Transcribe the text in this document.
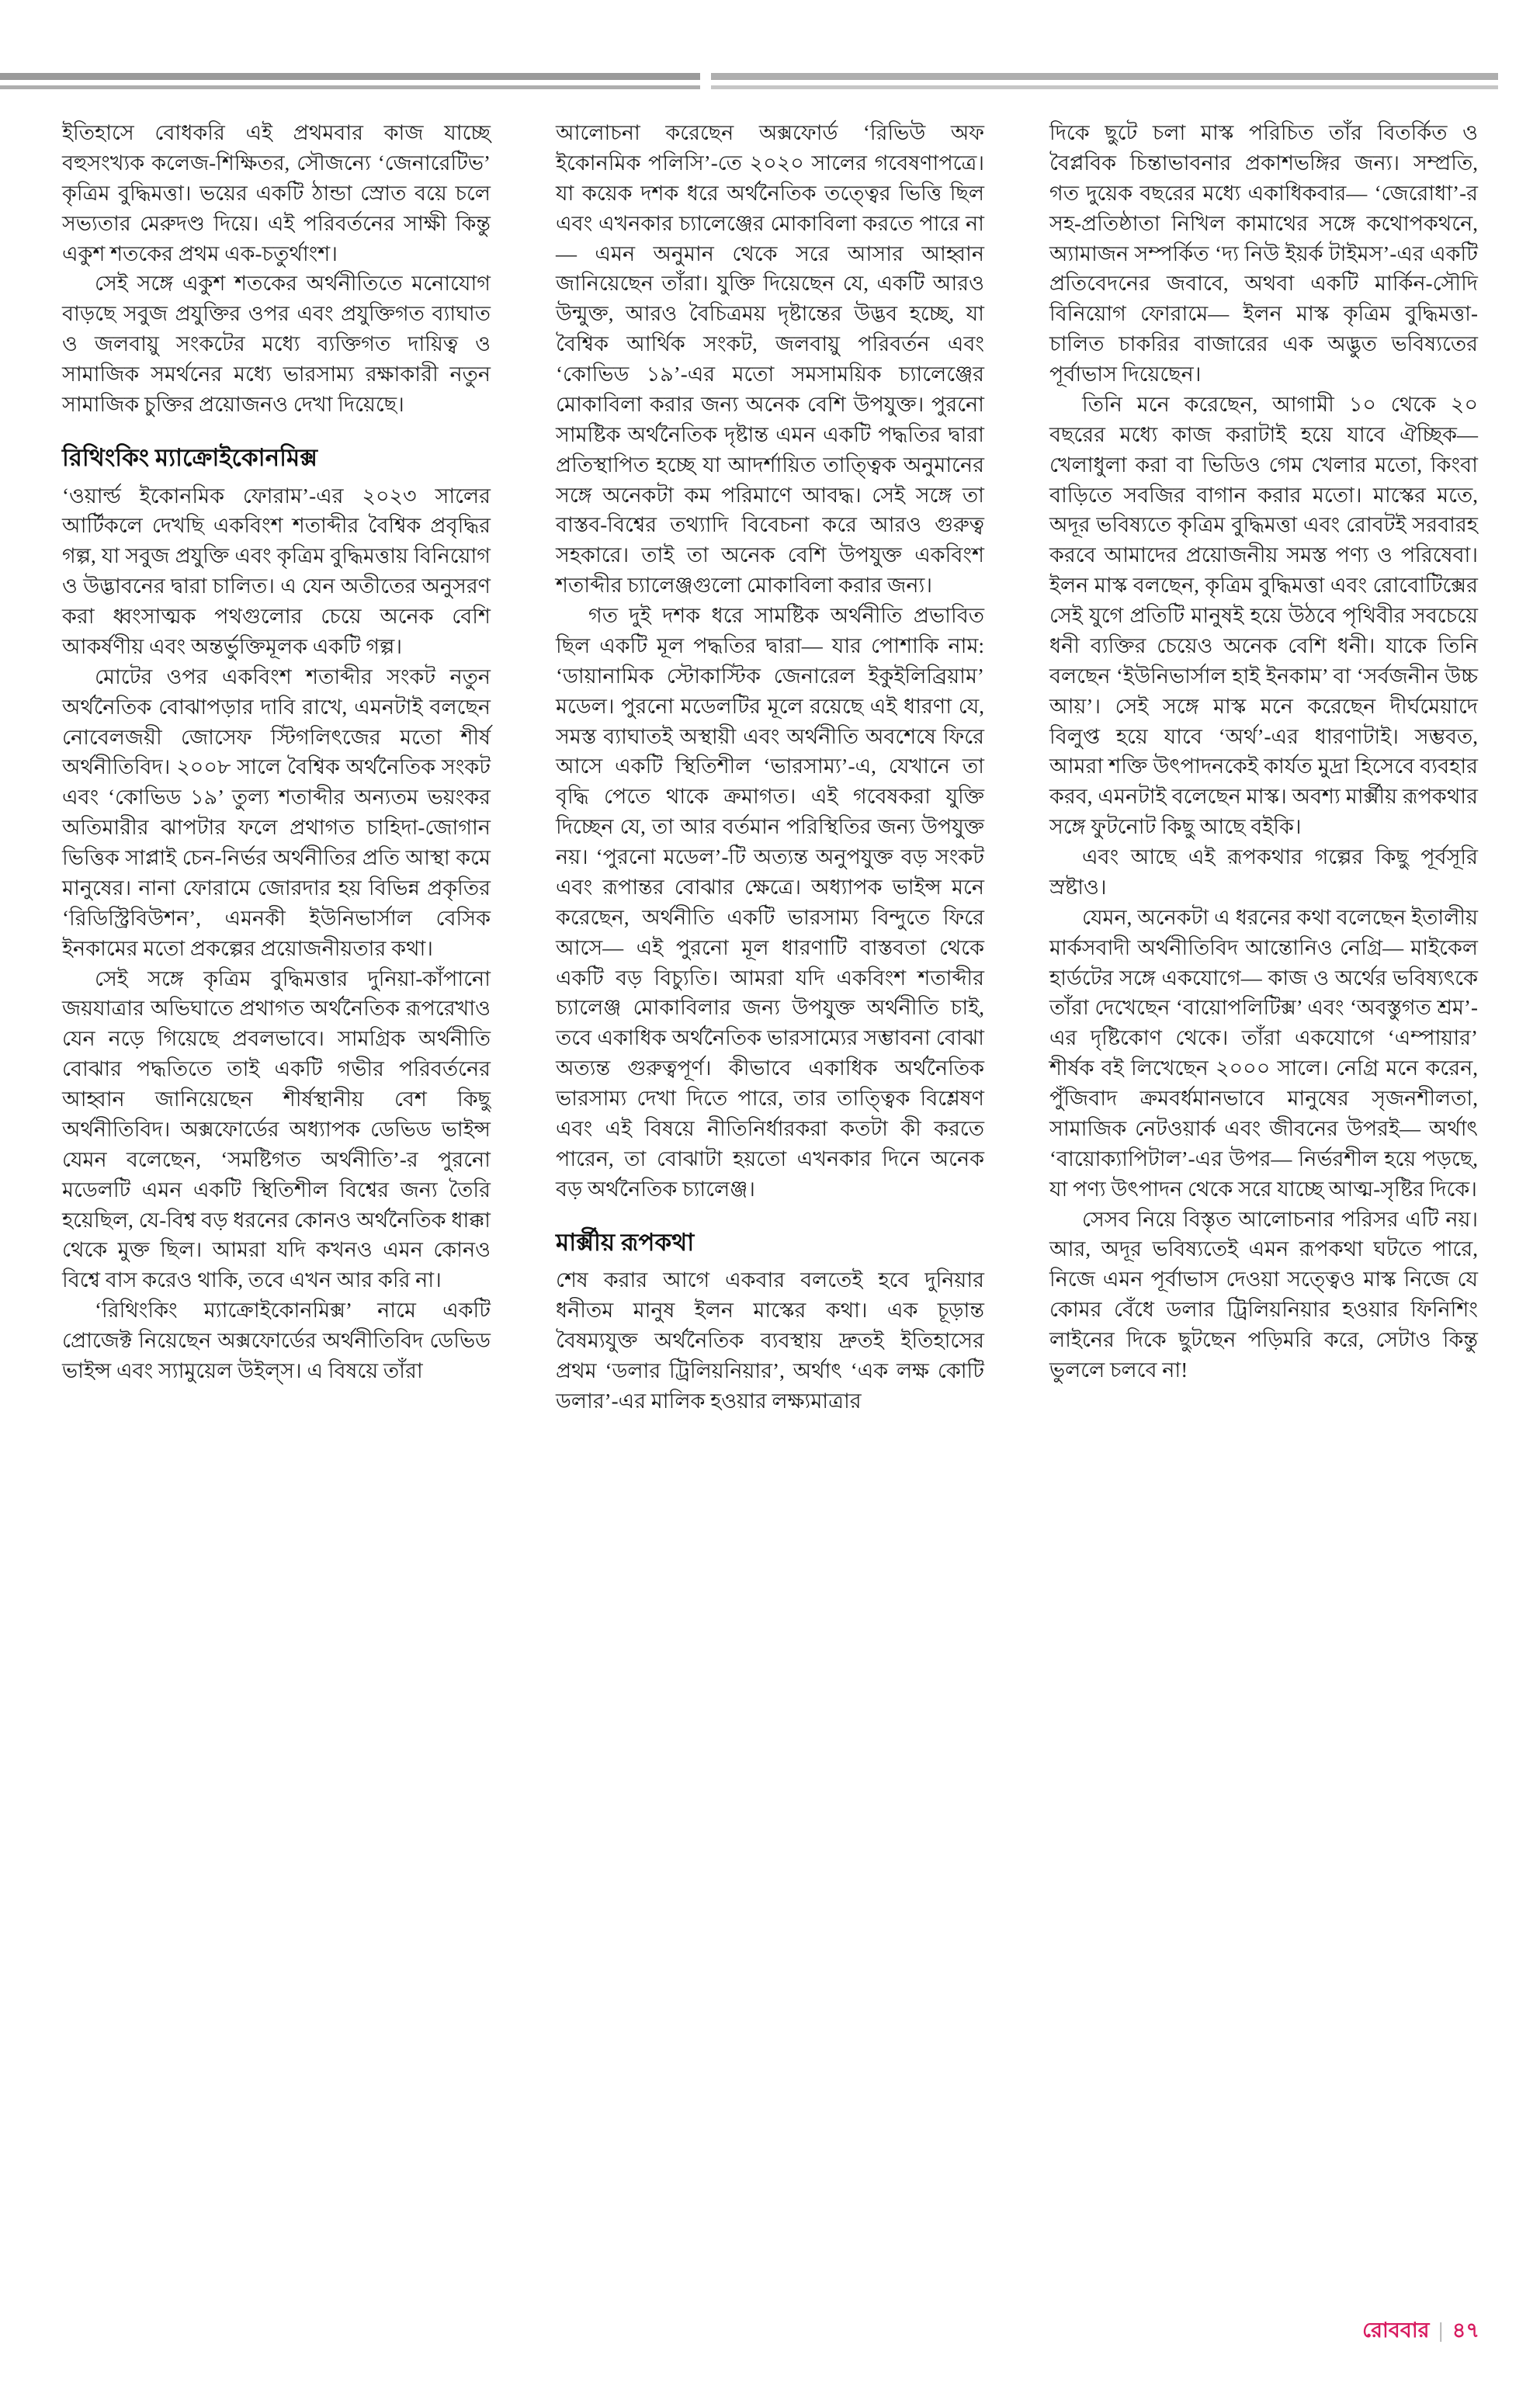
ইতিহাসে বোধকরি এই প্রথমবার কাজ যাচ্ছে বহুসংখ্যক কলেজ-শিক্ষিতর, সৌজন্যে ‘জেনারেটিভ’ কৃত্রিম বুদ্ধিমত্তা। ভয়ের একটি ঠান্ডা স্রোত বয়ে চলে সভ্যতার মেরুদণ্ড দিয়ে। এই পরিবর্তনের সাক্ষী কিন্তু একুশ শতকের প্রথম এক-চতুর্থাংশ।

সেই সঙ্গে একুশ শতকের অর্থনীতিতে মনোযোগ বাড়ছে সবুজ প্রযুক্তির ওপর এবং প্রযুক্তিগত ব্যাঘাত ও জলবায়ু সংকটের মধ্যে ব্যক্তিগত দায়িত্ব ও সামাজিক সমর্থনের মধ্যে ভারসাম্য রক্ষাকারী নতুন সামাজিক চুক্তির প্রয়োজনও দেখা দিয়েছে।

রিথিংকিং ম্যাক্রোইকোনমিক্স

‘ওয়ার্ল্ড ইকোনমিক ফোরাম’-এর ২০২৩ সালের আর্টিকলে দেখছি একবিংশ শতাব্দীর বৈশ্বিক প্রবৃদ্ধির গল্প, যা সবুজ প্রযুক্তি এবং কৃত্রিম বুদ্ধিমত্তায় বিনিয়োগ ও উদ্ভাবনের দ্বারা চালিত। এ যেন অতীতের অনুসরণ করা ধ্বংসাত্মক পথগুলোর চেয়ে অনেক বেশি আকর্ষণীয় এবং অন্তর্ভুক্তিমূলক একটি গল্প।

মোটের ওপর একবিংশ শতাব্দীর সংকট নতুন অর্থনৈতিক বোঝাপড়ার দাবি রাখে, এমনটাই বলছেন নোবেলজয়ী জোসেফ স্টিগলিৎজের মতো শীর্ষ অর্থনীতিবিদ। ২০০৮ সালে বৈশ্বিক অর্থনৈতিক সংকট এবং ‘কোভিড ১৯’ তুল্য শতাব্দীর অন্যতম ভয়ংকর অতিমারীর ঝাপটার ফলে প্রথাগত চাহিদা-জোগান ভিত্তিক সাপ্লাই চেন-নির্ভর অর্থনীতির প্রতি আস্থা কমে মানুষের। নানা ফোরামে জোরদার হয় বিভিন্ন প্রকৃতির ‘রিডিস্ট্রিবিউশন’, এমনকী ইউনিভার্সাল বেসিক ইনকামের মতো প্রকল্পের প্রয়োজনীয়তার কথা।

সেই সঙ্গে কৃত্রিম বুদ্ধিমত্তার দুনিয়া-কাঁপানো জয়যাত্রার অভিঘাতে প্রথাগত অর্থনৈতিক রূপরেখাও যেন নড়ে গিয়েছে প্রবলভাবে। সামগ্রিক অর্থনীতি বোঝার পদ্ধতিতে তাই একটি গভীর পরিবর্তনের আহ্বান জানিয়েছেন শীর্ষস্থানীয় বেশ কিছু অর্থনীতিবিদ। অক্সফোর্ডের অধ্যাপক ডেভিড ভাইন্স যেমন বলেছেন, ‘সমষ্টিগত অর্থনীতি’-র পুরনো মডেলটি এমন একটি স্থিতিশীল বিশ্বের জন্য তৈরি হয়েছিল, যে-বিশ্ব বড় ধরনের কোনও অর্থনৈতিক ধাক্কা থেকে মুক্ত ছিল। আমরা যদি কখনও এমন কোনও বিশ্বে বাস করেও থাকি, তবে এখন আর করি না।

‘রিথিংকিং ম্যাক্রোইকোনমিক্স’ নামে একটি প্রোজেক্ট নিয়েছেন অক্সফোর্ডের অর্থনীতিবিদ ডেভিড ভাইন্স এবং স্যামুয়েল উইল্‌স। এ বিষয়ে তাঁরা

আলোচনা করেছেন অক্সফোর্ড ‘রিভিউ অফ ইকোনমিক পলিসি’-তে ২০২০ সালের গবেষণাপত্রে। যা কয়েক দশক ধরে অর্থনৈতিক তত্ত্বের ভিত্তি ছিল এবং এখনকার চ্যালেঞ্জের মোকাবিলা করতে পারে না— এমন অনুমান থেকে সরে আসার আহ্বান জানিয়েছেন তাঁরা। যুক্তি দিয়েছেন যে, একটি আরও উন্মুক্ত, আরও বৈচিত্রময় দৃষ্টান্তের উদ্ভব হচ্ছে, যা বৈশ্বিক আর্থিক সংকট, জলবায়ু পরিবর্তন এবং ‘কোভিড ১৯’-এর মতো সমসাময়িক চ্যালেঞ্জের মোকাবিলা করার জন্য অনেক বেশি উপযুক্ত। পুরনো সামষ্টিক অর্থনৈতিক দৃষ্টান্ত এমন একটি পদ্ধতির দ্বারা প্রতিস্থাপিত হচ্ছে যা আদর্শায়িত তাত্ত্বিক অনুমানের সঙ্গে অনেকটা কম পরিমাণে আবদ্ধ। সেই সঙ্গে তা বাস্তব-বিশ্বের তথ্যাদি বিবেচনা করে আরও গুরুত্ব সহকারে। তাই তা অনেক বেশি উপযুক্ত একবিংশ শতাব্দীর চ্যালেঞ্জগুলো মোকাবিলা করার জন্য।

গত দুই দশক ধরে সামষ্টিক অর্থনীতি প্রভাবিত ছিল একটি মূল পদ্ধতির দ্বারা— যার পোশাকি নাম: ‘ডায়ানামিক স্টোকাস্টিক জেনারেল ইকুইলিব্রিয়াম’ মডেল। পুরনো মডেলটির মূলে রয়েছে এই ধারণা যে, সমস্ত ব্যাঘাতই অস্থায়ী এবং অর্থনীতি অবশেষে ফিরে আসে একটি স্থিতিশীল ‘ভারসাম্য’-এ, যেখানে তা বৃদ্ধি পেতে থাকে ক্রমাগত। এই গবেষকরা যুক্তি দিচ্ছেন যে, তা আর বর্তমান পরিস্থিতির জন্য উপযুক্ত নয়। ‘পুরনো মডেল’-টি অত্যন্ত অনুপযুক্ত বড় সংকট এবং রূপান্তর বোঝার ক্ষেত্রে। অধ্যাপক ভাইন্স মনে করেছেন, অর্থনীতি একটি ভারসাম্য বিন্দুতে ফিরে আসে— এই পুরনো মূল ধারণাটি বাস্তবতা থেকে একটি বড় বিচ্যুতি। আমরা যদি একবিংশ শতাব্দীর চ্যালেঞ্জ মোকাবিলার জন্য উপযুক্ত অর্থনীতি চাই, তবে একাধিক অর্থনৈতিক ভারসাম্যের সম্ভাবনা বোঝা অত্যন্ত গুরুত্বপূর্ণ। কীভাবে একাধিক অর্থনৈতিক ভারসাম্য দেখা দিতে পারে, তার তাত্ত্বিক বিশ্লেষণ এবং এই বিষয়ে নীতিনির্ধারকরা কতটা কী করতে পারেন, তা বোঝাটা হয়তো এখনকার দিনে অনেক বড় অর্থনৈতিক চ্যালেঞ্জ।

মার্ক্সীয় রূপকথা

শেষ করার আগে একবার বলতেই হবে দুনিয়ার ধনীতম মানুষ ইলন মাস্কের কথা। এক চূড়ান্ত বৈষম্যযুক্ত অর্থনৈতিক ব্যবস্থায় দ্রুতই ইতিহাসের প্রথম ‘ডলার ট্রিলিয়নিয়ার’, অর্থাৎ ‘এক লক্ষ কোটি ডলার’-এর মালিক হওয়ার লক্ষ্যমাত্রার

দিকে ছুটে চলা মাস্ক পরিচিত তাঁর বিতর্কিত ও বৈপ্লবিক চিন্তাভাবনার প্রকাশভঙ্গির জন্য। সম্প্রতি, গত দুয়েক বছরের মধ্যে একাধিকবার— ‘জেরোধা’-র সহ-প্রতিষ্ঠাতা নিখিল কামাথের সঙ্গে কথোপকথনে, অ্যামাজন সম্পর্কিত ‘দ্য নিউ ইয়র্ক টাইমস’-এর একটি প্রতিবেদনের জবাবে, অথবা একটি মার্কিন-সৌদি বিনিয়োগ ফোরামে— ইলন মাস্ক কৃত্রিম বুদ্ধিমত্তা-চালিত চাকরির বাজারের এক অদ্ভুত ভবিষ্যতের পূর্বাভাস দিয়েছেন।

তিনি মনে করেছেন, আগামী ১০ থেকে ২০ বছরের মধ্যে কাজ করাটাই হয়ে যাবে ঐচ্ছিক— খেলাধুলা করা বা ভিডিও গেম খেলার মতো, কিংবা বাড়িতে সবজির বাগান করার মতো। মাস্কের মতে, অদূর ভবিষ্যতে কৃত্রিম বুদ্ধিমত্তা এবং রোবটই সরবারহ করবে আমাদের প্রয়োজনীয় সমস্ত পণ্য ও পরিষেবা। ইলন মাস্ক বলছেন, কৃত্রিম বুদ্ধিমত্তা এবং রোবোটিক্সের সেই যুগে প্রতিটি মানুষই হয়ে উঠবে পৃথিবীর সবচেয়ে ধনী ব্যক্তির চেয়েও অনেক বেশি ধনী। যাকে তিনি বলছেন ‘ইউনিভার্সাল হাই ইনকাম’ বা ‘সর্বজনীন উচ্চ আয়’। সেই সঙ্গে মাস্ক মনে করেছেন দীর্ঘমেয়াদে বিলুপ্ত হয়ে যাবে ‘অর্থ’-এর ধারণাটাই। সম্ভবত, আমরা শক্তি উৎপাদনকেই কার্যত মুদ্রা হিসেবে ব্যবহার করব, এমনটাই বলেছেন মাস্ক। অবশ্য মার্ক্সীয় রূপকথার সঙ্গে ফুটনোট কিছু আছে বইকি।

এবং আছে এই রূপকথার গল্পের কিছু পূর্বসূরি স্রষ্টাও।

যেমন, অনেকটা এ ধরনের কথা বলেছেন ইতালীয় মার্কসবাদী অর্থনীতিবিদ আন্তোনিও নেগ্রি— মাইকেল হার্ডটের সঙ্গে একযোগে— কাজ ও অর্থের ভবিষ্যৎকে তাঁরা দেখেছেন ‘বায়োপলিটিক্স’ এবং ‘অবস্তুগত শ্রম’-এর দৃষ্টিকোণ থেকে। তাঁরা একযোগে ‘এম্পায়ার’ শীর্ষক বই লিখেছেন ২০০০ সালে। নেগ্রি মনে করেন, পুঁজিবাদ ক্রমবর্ধমানভাবে মানুষের সৃজনশীলতা, সামাজিক নেটওয়ার্ক এবং জীবনের উপরই— অর্থাৎ ‘বায়োক্যাপিটাল’-এর উপর— নির্ভরশীল হয়ে পড়ছে, যা পণ্য উৎপাদন থেকে সরে যাচ্ছে আত্ম-সৃষ্টির দিকে।

সেসব নিয়ে বিস্তৃত আলোচনার পরিসর এটি নয়। আর, অদূর ভবিষ্যতেই এমন রূপকথা ঘটতে পারে, নিজে এমন পূর্বাভাস দেওয়া সত্ত্বেও মাস্ক নিজে যে কোমর বেঁধে ডলার ট্রিলিয়নিয়ার হওয়ার ফিনিশিং লাইনের দিকে ছুটছেন পড়িমরি করে, সেটাও কিন্তু ভুললে চলবে না!

রোববার | ৪৭
